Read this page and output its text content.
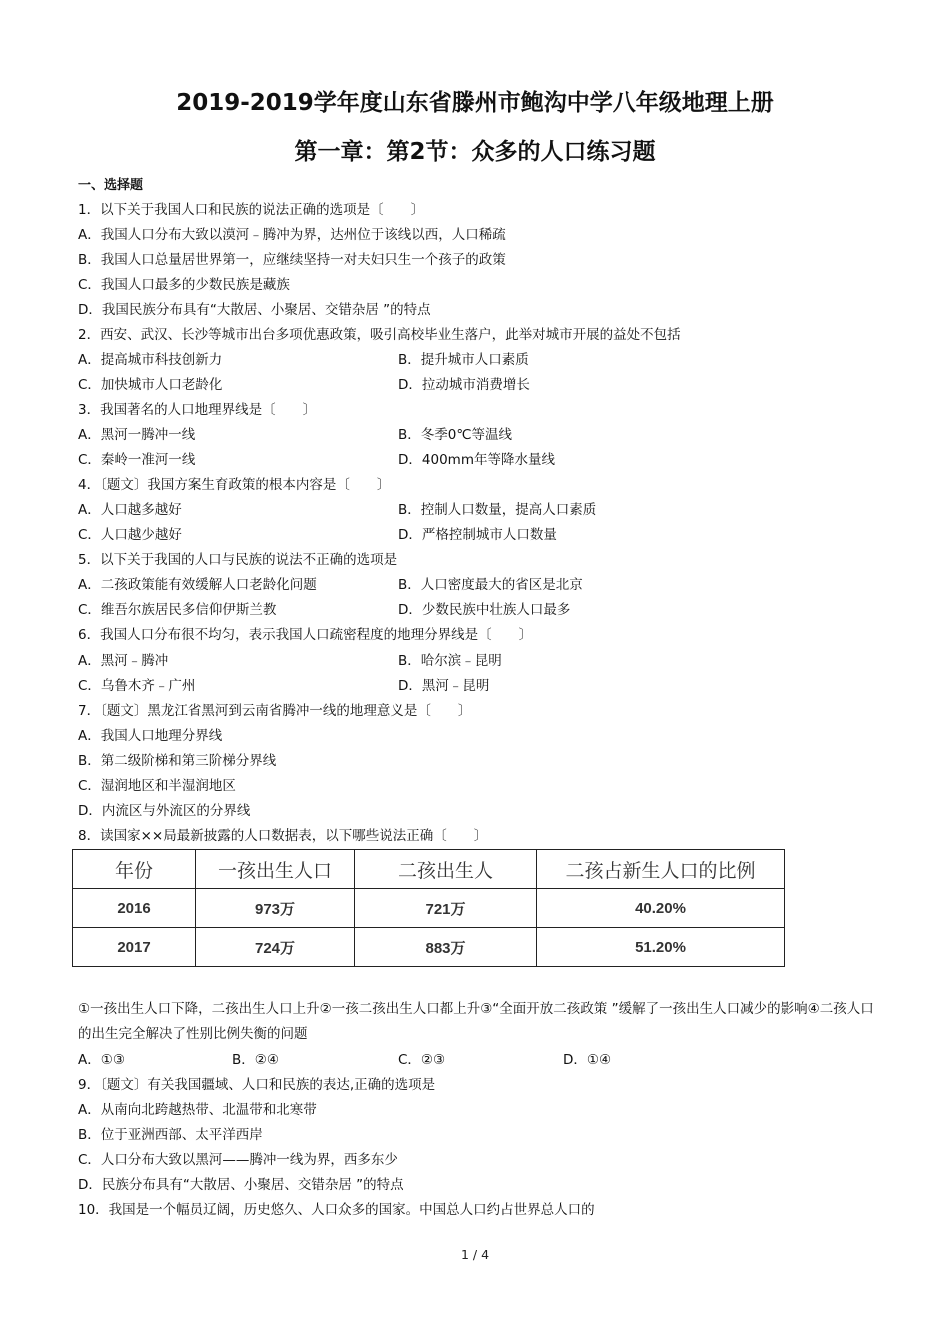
2019-2019学年度山东省滕州市鲍沟中学八年级地理上册
第一章：第2节：众多的人口练习题
一、选择题
1．以下关于我国人口和民族的说法正确的选项是〔　　〕
A．我国人口分布大致以漠河﹣腾冲为界，达州位于该线以西，人口稀疏
B．我国人口总量居世界第一，应继续坚持一对夫妇只生一个孩子的政策
C．我国人口最多的少数民族是藏族
D．我国民族分布具有“大散居、小聚居、交错杂居 ”的特点
2．西安、武汉、长沙等城市出台多项优惠政策，吸引高校毕业生落户，此举对城市开展的益处不包括
A．提高城市科技创新力	B．提升城市人口素质
C．加快城市人口老龄化	D．拉动城市消费增长
3．我国著名的人口地理界线是〔　　〕
A．黑河一腾冲一线	B．冬季0℃等温线
C．秦岭一准河一线	D．400mm年等降水量线
4．〔题文〕我国方案生育政策的根本内容是〔　　〕
A．人口越多越好	B．控制人口数量，提高人口素质
C．人口越少越好	D．严格控制城市人口数量
5．以下关于我国的人口与民族的说法不正确的选项是
A．二孩政策能有效缓解人口老龄化问题	B．人口密度最大的省区是北京
C．维吾尔族居民多信仰伊斯兰教	D．少数民族中壮族人口最多
6．我国人口分布很不均匀，表示我国人口疏密程度的地理分界线是〔　　〕
A．黑河﹣腾冲	B．哈尔滨﹣昆明
C．乌鲁木齐﹣广州	D．黑河﹣昆明
7．〔题文〕黑龙江省黑河到云南省腾冲一线的地理意义是〔　　〕
A．我国人口地理分界线
B．第二级阶梯和第三阶梯分界线
C．湿润地区和半湿润地区
D．内流区与外流区的分界线
8．读国家××局最新披露的人口数据表，以下哪些说法正确〔　　〕
年份	一孩出生人口	二孩出生人	二孩占新生人口的比例
2016	973万	721万	40.20%
2017	724万	883万	51.20%
①一孩出生人口下降，二孩出生人口上升②一孩二孩出生人口都上升③“全面开放二孩政策 ”缓解了一孩出生人口减少的影响④二孩人口的出生完全解决了性别比例失衡的问题
A．①③	B．②④	C．②③	D．①④
9．〔题文〕有关我国疆域、人口和民族的表达,正确的选项是
A．从南向北跨越热带、北温带和北寒带
B．位于亚洲西部、太平洋西岸
C．人口分布大致以黑河——腾冲一线为界，西多东少
D．民族分布具有“大散居、小聚居、交错杂居 ”的特点
10．我国是一个幅员辽阔，历史悠久、人口众多的国家。中国总人口约占世界总人口的
1 / 4
